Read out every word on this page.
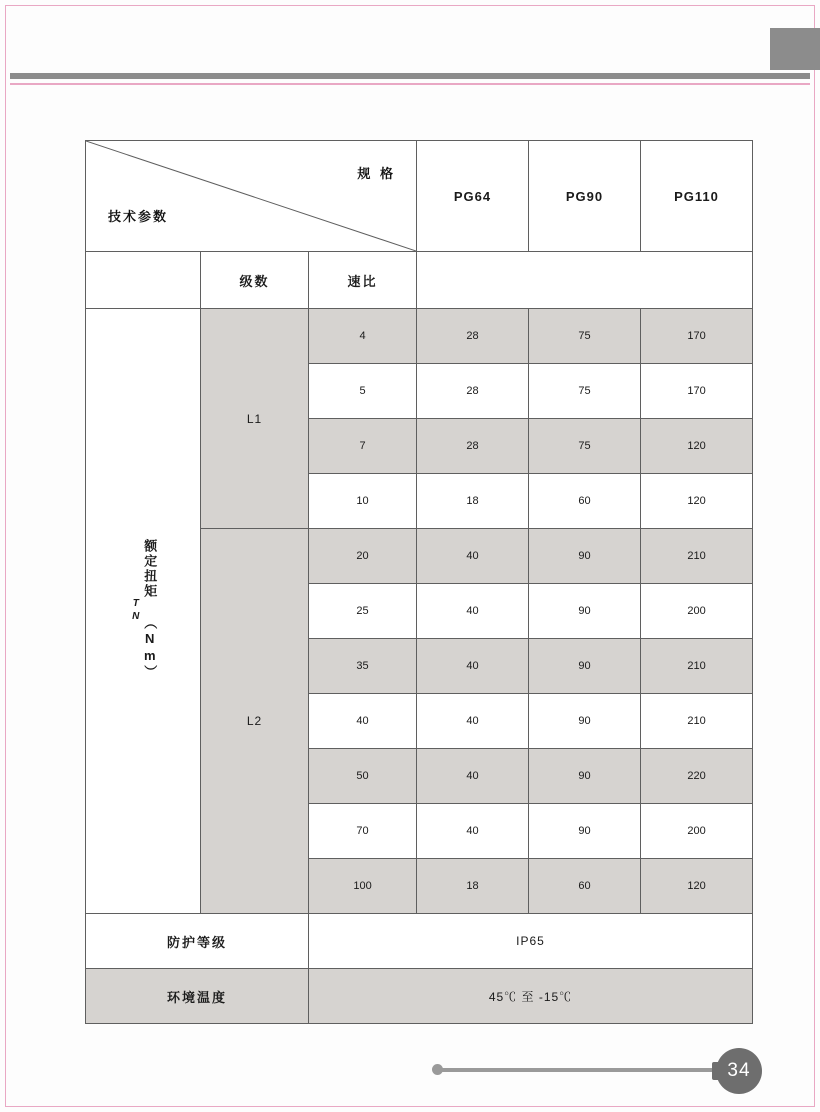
规 格
技术参数			PG64	PG90	PG110
	级数	速比			
额定扭矩 （Nm）
TN	L1	4	28	75	170
		5	28	75	170
		7	28	75	120
		10	18	60	120
	L2	20	40	90	210
		25	40	90	200
		35	40	90	210
		40	40	90	210
		50	40	90	220
		70	40	90	200
		100	18	60	120
防护等级		IP65			
环境温度		45℃ 至 -15℃			
34
